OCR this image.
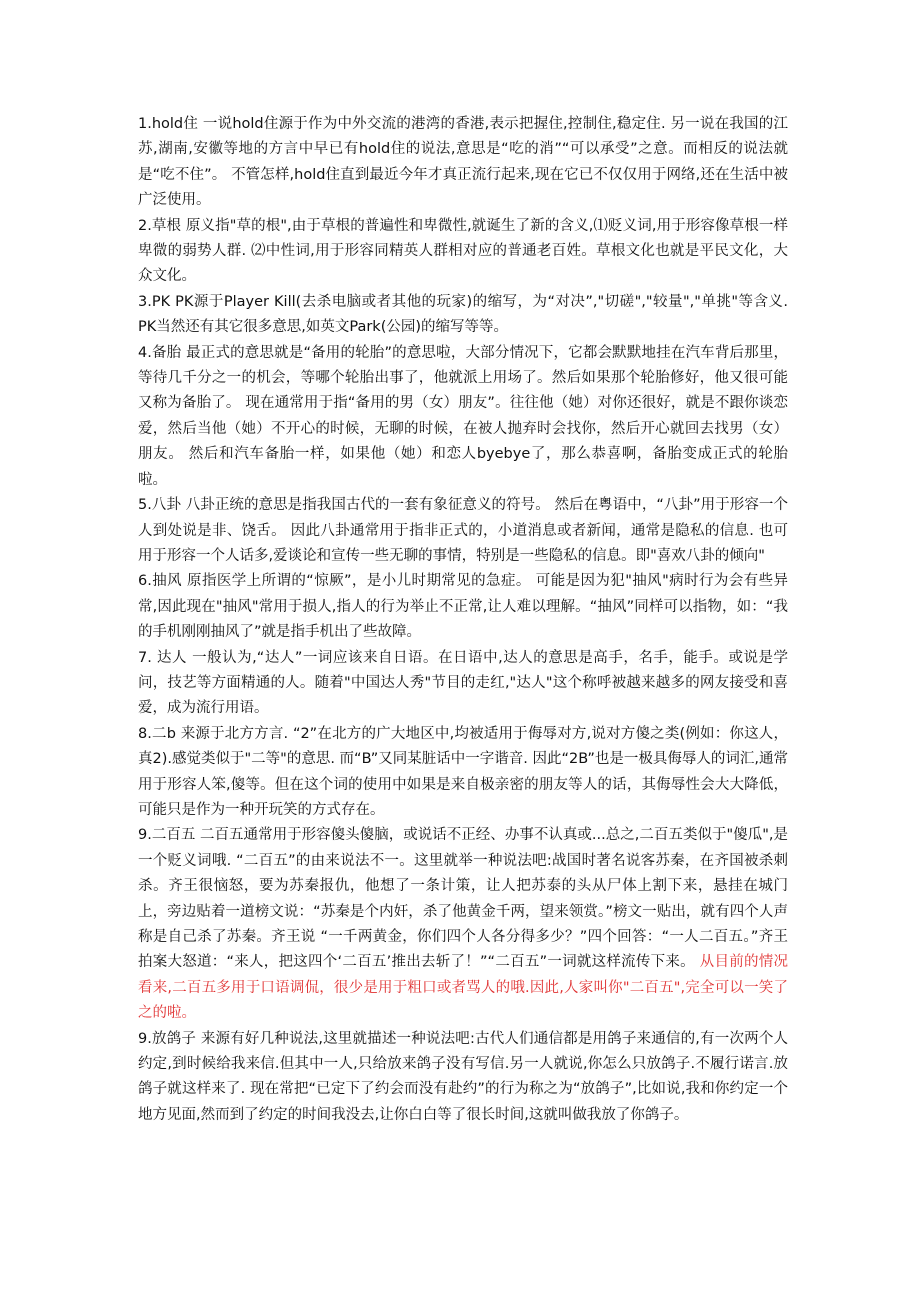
1.hold住 一说hold住源于作为中外交流的港湾的香港,表示把握住,控制住,稳定住. 另一说在我国的江苏,湖南,安徽等地的方言中早已有hold住的说法,意思是“吃的消”“可以承受”之意。而相反的说法就是“吃不住”。 不管怎样,hold住直到最近今年才真正流行起来,现在它已不仅仅用于网络,还在生活中被广泛使用。

2.草根 原义指"草的根",由于草根的普遍性和卑微性,就诞生了新的含义,⑴贬义词,用于形容像草根一样卑微的弱势人群. ⑵中性词,用于形容同精英人群相对应的普通老百姓。草根文化也就是平民文化，大众文化。

3.PK PK源于Player Kill(去杀电脑或者其他的玩家)的缩写，为“对决”,"切磋","较量","单挑"等含义. PK当然还有其它很多意思,如英文Park(公园)的缩写等等。

4.备胎 最正式的意思就是“备用的轮胎”的意思啦，大部分情况下，它都会默默地挂在汽车背后那里，等待几千分之一的机会，等哪个轮胎出事了，他就派上用场了。然后如果那个轮胎修好，他又很可能又称为备胎了。 现在通常用于指“备用的男（女）朋友”。往往他（她）对你还很好，就是不跟你谈恋爱，然后当他（她）不开心的时候，无聊的时候，在被人抛弃时会找你，然后开心就回去找男（女）朋友。 然后和汽车备胎一样，如果他（她）和恋人byebye了，那么恭喜啊，备胎变成正式的轮胎啦。

5.八卦 八卦正统的意思是指我国古代的一套有象征意义的符号。 然后在粤语中，“八卦”用于形容一个人到处说是非、饶舌。 因此八卦通常用于指非正式的，小道消息或者新闻，通常是隐私的信息. 也可用于形容一个人话多,爱谈论和宣传一些无聊的事情，特别是一些隐私的信息。即"喜欢八卦的倾向"

6.抽风 原指医学上所谓的“惊厥”，是小儿时期常见的急症。 可能是因为犯"抽风"病时行为会有些异常,因此现在"抽风"常用于损人,指人的行为举止不正常,让人难以理解。“抽风”同样可以指物，如：“我的手机刚刚抽风了”就是指手机出了些故障。

7. 达人 一般认为,“达人”一词应该来自日语。在日语中,达人的意思是高手，名手，能手。或说是学问，技艺等方面精通的人。随着"中国达人秀"节目的走红,"达人"这个称呼被越来越多的网友接受和喜爱，成为流行用语。

8.二b 来源于北方方言. “2”在北方的广大地区中,均被适用于侮辱对方,说对方傻之类(例如：你这人，真2).感觉类似于"二等"的意思. 而“B”又同某脏话中一字谐音. 因此“2B”也是一极具侮辱人的词汇,通常用于形容人笨,傻等。但在这个词的使用中如果是来自极亲密的朋友等人的话，其侮辱性会大大降低，可能只是作为一种开玩笑的方式存在。

9.二百五 二百五通常用于形容傻头傻脑，或说话不正经、办事不认真或...总之,二百五类似于"傻瓜",是一个贬义词哦. “二百五”的由来说法不一。这里就举一种说法吧:战国时著名说客苏秦，在齐国被杀刺杀。齐王很恼怒，要为苏秦报仇，他想了一条计策，让人把苏泰的头从尸体上割下来，悬挂在城门上，旁边贴着一道榜文说：“苏秦是个内奸，杀了他黄金千两，望来领赏。”榜文一贴出，就有四个人声称是自己杀了苏秦。齐王说 “一千两黄金，你们四个人各分得多少？”四个回答：“一人二百五。”齐王拍案大怒道：“来人，把这四个‘二百五’推出去斩了！”“二百五”一词就这样流传下来。 从目前的情况看来,二百五多用于口语调侃，很少是用于粗口或者骂人的哦.因此,人家叫你"二百五",完全可以一笑了之的啦。

9.放鸽子 来源有好几种说法,这里就描述一种说法吧:古代人们通信都是用鸽子来通信的,有一次两个人约定,到时候给我来信.但其中一人,只给放来鸽子没有写信.另一人就说,你怎么只放鸽子.不履行诺言.放鸽子就这样来了. 现在常把“已定下了约会而没有赴约”的行为称之为“放鸽子”,比如说,我和你约定一个地方见面,然而到了约定的时间我没去,让你白白等了很长时间,这就叫做我放了你鸽子。
